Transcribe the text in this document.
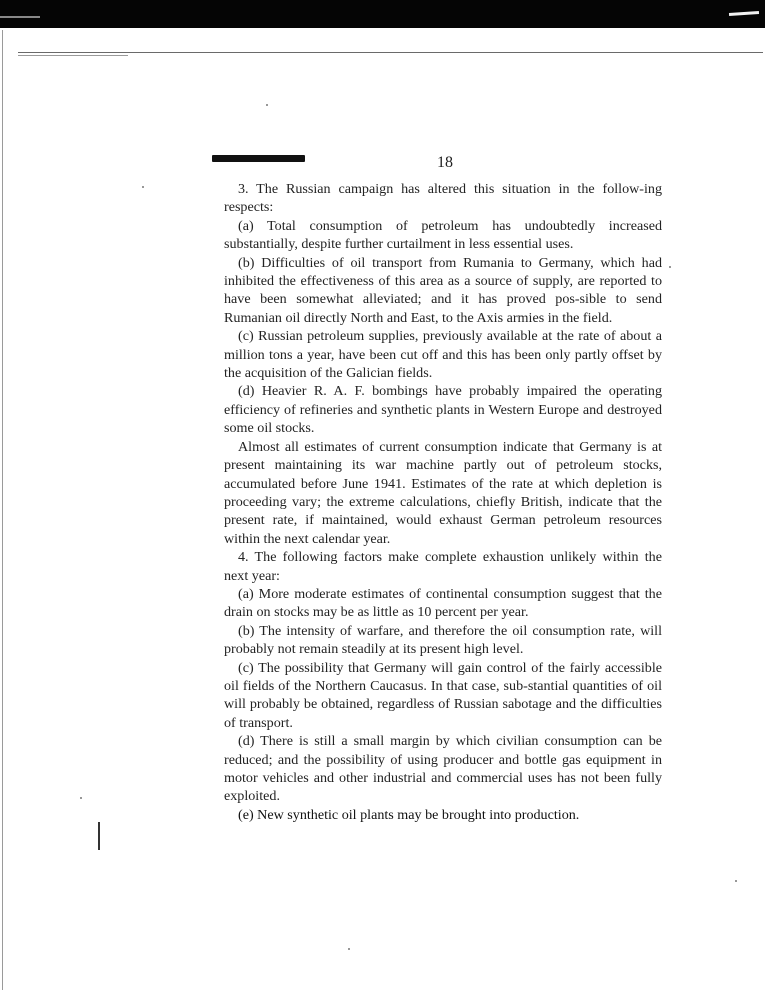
18

3. The Russian campaign has altered this situation in the follow-ing respects:

(a) Total consumption of petroleum has undoubtedly increased substantially, despite further curtailment in less essential uses.

(b) Difficulties of oil transport from Rumania to Germany, which had inhibited the effectiveness of this area as a source of supply, are reported to have been somewhat alleviated; and it has proved pos-sible to send Rumanian oil directly North and East, to the Axis armies in the field.

(c) Russian petroleum supplies, previously available at the rate of about a million tons a year, have been cut off and this has been only partly offset by the acquisition of the Galician fields.

(d) Heavier R. A. F. bombings have probably impaired the operating efficiency of refineries and synthetic plants in Western Europe and destroyed some oil stocks.

Almost all estimates of current consumption indicate that Germany is at present maintaining its war machine partly out of petroleum stocks, accumulated before June 1941. Estimates of the rate at which depletion is proceeding vary; the extreme calculations, chiefly British, indicate that the present rate, if maintained, would exhaust German petroleum resources within the next calendar year.

4. The following factors make complete exhaustion unlikely within the next year:

(a) More moderate estimates of continental consumption suggest that the drain on stocks may be as little as 10 percent per year.

(b) The intensity of warfare, and therefore the oil consumption rate, will probably not remain steadily at its present high level.

(c) The possibility that Germany will gain control of the fairly accessible oil fields of the Northern Caucasus. In that case, sub-stantial quantities of oil will probably be obtained, regardless of Russian sabotage and the difficulties of transport.

(d) There is still a small margin by which civilian consumption can be reduced; and the possibility of using producer and bottle gas equipment in motor vehicles and other industrial and commercial uses has not been fully exploited.

(e) New synthetic oil plants may be brought into production.
